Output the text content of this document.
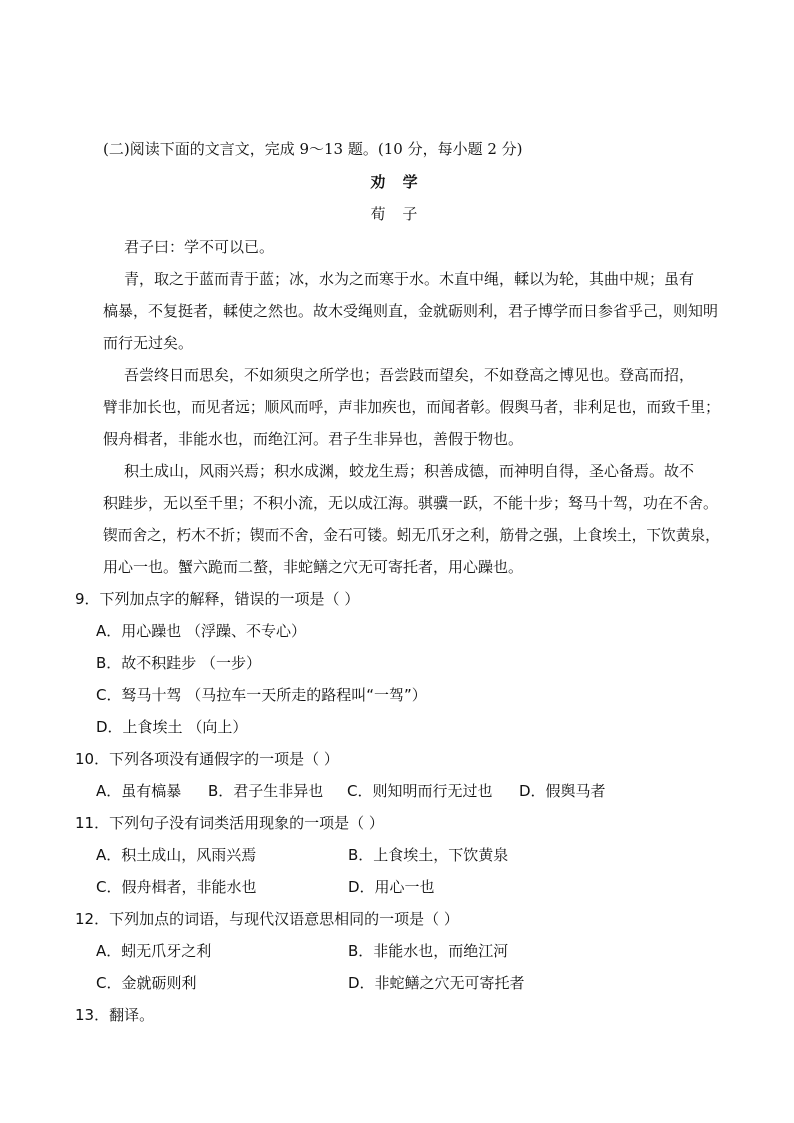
(二)阅读下面的文言文，完成 9～13 题。(10 分，每小题 2 分)
劝 学
荀 子
君子曰：学不可以已。
青，取之于蓝而青于蓝；冰，水为之而寒于水。木直中绳，輮以为轮，其曲中规；虽有
槁暴，不复挺者，輮使之然也。故木受绳则直，金就砺则利，君子博学而日参省乎己，则知明
而行无过矣。
吾尝终日而思矣，不如须臾之所学也；吾尝跂而望矣，不如登高之博见也。登高而招，
臂非加长也，而见者远；顺风而呼，声非加疾也，而闻者彰。假舆马者，非利足也，而致千里；
假舟楫者，非能水也，而绝江河。君子生非异也，善假于物也。
积土成山，风雨兴焉；积水成渊，蛟龙生焉；积善成德，而神明自得，圣心备焉。故不
积跬步，无以至千里；不积小流，无以成江海。骐骥一跃，不能十步；驽马十驾，功在不舍。
锲而舍之，朽木不折；锲而不舍，金石可镂。蚓无爪牙之利，筋骨之强，上食埃土，下饮黄泉，
用心一也。蟹六跪而二螯，非蛇鳝之穴无可寄托者，用心躁也。
9．下列加点字的解释，错误的一项是（ ）
A．用心躁也 （浮躁、不专心）
B．故不积跬步 （一步）
C．驽马十驾 （马拉车一天所走的路程叫“一驾”）
D．上食埃土 （向上）
10．下列各项没有通假字的一项是（ ）
A．虽有槁暴 B．君子生非异也 C．则知明而行无过也 D．假舆马者
11．下列句子没有词类活用现象的一项是（ ）
A．积土成山，风雨兴焉	B．上食埃土，下饮黄泉
C．假舟楫者，非能水也	D．用心一也
12．下列加点的词语，与现代汉语意思相同的一项是（ ）
A．蚓无爪牙之利	B．非能水也，而绝江河
C．金就砺则利	D．非蛇鳝之穴无可寄托者
13．翻译。
